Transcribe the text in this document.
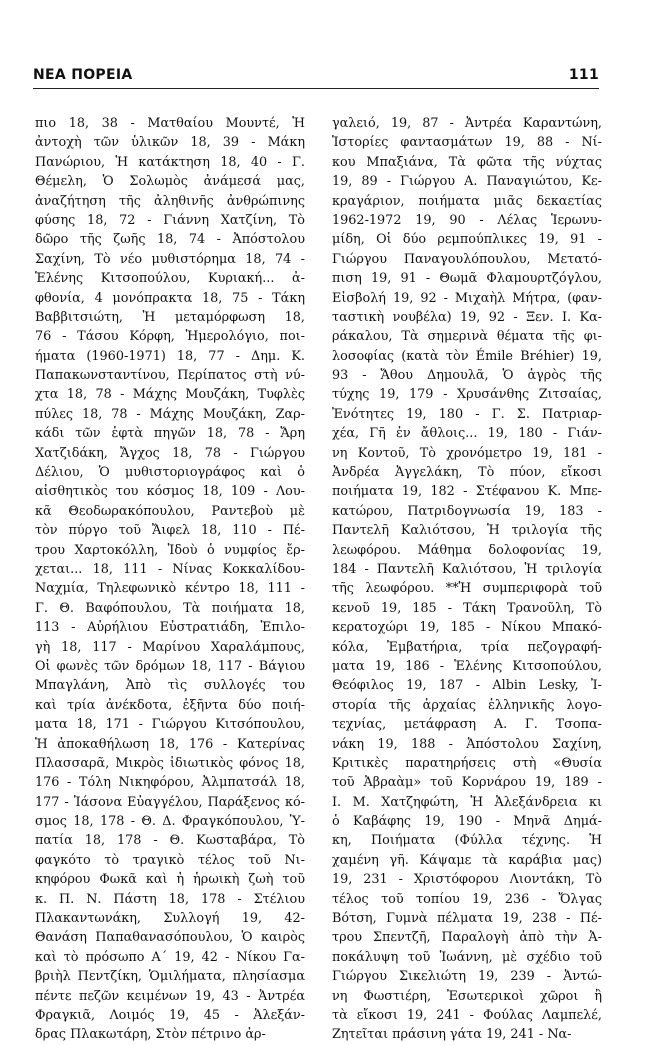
ΝΕΑ ΠΟΡΕΙΑ	111
πιο 18, 38 - Ματθαίου Μουντέ, Ἡ
ἀντοχὴ τῶν ὑλικῶν 18, 39 - Μάκη
Πανώριου, Ἡ κατάκτηση 18, 40 - Γ.
Θέμελη, Ὁ Σολωμὸς ἀνάμεσά μας,
ἀναζήτηση τῆς ἀληθινῆς ἀνθρώπινης
φύσης 18, 72 - Γιάννη Χατζίνη, Τὸ
δῶρο τῆς ζωῆς 18, 74 - Ἀπόστολου
Σαχίνη, Τὸ νέο μυθιστόρημα 18, 74 -
Ἑλένης Κιτσοπούλου, Κυριακή... ἀ-
φθονία, 4 μονόπρακτα 18, 75 - Τάκη
Βαββιτσιώτη, Ἡ μεταμόρφωση 18,
76 - Τάσου Κόρφη, Ἡμερολόγιο, ποι-
ήματα (1960-1971) 18, 77 - Δημ. Κ.
Παπακωνσταντίνου, Περίπατος στὴ νύ-
χτα 18, 78 - Μάχης Μουζάκη, Τυφλὲς
πύλες 18, 78 - Μάχης Μουζάκη, Ζαρ-
κάδι τῶν ἑφτὰ πηγῶν 18, 78 - Ἄρη
Χατζιδάκη, Ἄγχος 18, 78 - Γιώργου
Δέλιου, Ὁ μυθιστοριογράφος καὶ ὁ
αἰσθητικὸς του κόσμος 18, 109 - Λου-
κᾶ Θεοδωρακόπουλου, Ραντεβοὺ μὲ
τὸν πύργο τοῦ Ἄιφελ 18, 110 - Πέ-
τρου Χαρτοκόλλη, Ἰδοὺ ὁ νυμφίος ἔρ-
χεται... 18, 111 - Νίνας Κοκκαλίδου-
Ναχμία, Τηλεφωνικὸ κέντρο 18, 111 -
Γ. Θ. Βαφόπουλου, Τὰ ποιήματα 18,
113 - Αὐρήλιου Εὐστρατιάδη, Ἐπιλο-
γὴ 18, 117 - Μαρίνου Χαραλάμπους,
Οἱ φωνὲς τῶν δρόμων 18, 117 - Βάγιου
Μπαγλάνη, Ἀπὸ τὶς συλλογές του
καὶ τρία ἀνέκδοτα, ἐξῆντα δύο ποιή-
ματα 18, 171 - Γιώργου Κιτσόπουλου,
Ἡ ἀποκαθήλωση 18, 176 - Κατερίνας
Πλασσαρᾶ, Μικρὸς ἰδιωτικὸς φόνος 18,
176 - Τόλη Νικηφόρου, Ἀλμπατσάλ 18,
177 - Ἰάσονα Εὐαγγέλου, Παράξενος κό-
σμος 18, 178 - Θ. Δ. Φραγκόπουλου, Ὑ-
πατία 18, 178 - Θ. Κωσταβάρα, Τὸ
φαγκότο τὸ τραγικὸ τέλος τοῦ Νι-
κηφόρου Φωκᾶ καὶ ἡ ἡρωικὴ ζωὴ τοῦ
κ. Π. Ν. Πάστη 18, 178 - Στέλιου
Πλακαντωνάκη, Συλλογή 19, 42-
Θανάση Παπαθανασόπουλου, Ὁ καιρὸς
καὶ τὸ πρόσωπο Α΄ 19, 42 - Νίκου Γα-
βριὴλ Πεντζίκη, Ὁμιλήματα, πλησίασμα
πέντε πεζῶν κειμένων 19, 43 - Ἀντρέα
Φραγκιᾶ, Λοιμός 19, 45 - Ἀλεξάν-
δρας Πλακωτάρη, Στὸν πέτρινο ἀρ-
γαλειό, 19, 87 - Ἀντρέα Καραντώνη,
Ἱστορίες φαντασμάτων 19, 88 - Νί-
κου Μπαξιάνα, Τὰ φῶτα τῆς νύχτας
19, 89 - Γιώργου Α. Παναγιώτου, Κε-
κραγάριον, ποιήματα μιᾶς δεκαετίας
1962-1972 19, 90 - Λέλας Ἱερωνυ-
μίδη, Οἱ δύο ρεμπούπλικες 19, 91 -
Γιώργου Παναγουλόπουλου, Μετατό-
πιση 19, 91 - Θωμᾶ Φλαμουρτζόγλου,
Εἰσβολή 19, 92 - Μιχαὴλ Μήτρα, (φαν-
ταστικὴ νουβέλα) 19, 92 - Ξεν. Ι. Κα-
ράκαλου, Τὰ σημερινὰ θέματα τῆς φι-
λοσοφίας (κατὰ τὸν Émile Bréhier) 19,
93 - Ἄθου Δημουλᾶ, Ὁ ἀγρὸς τῆς
τύχης 19, 179 - Χρυσάνθης Ζιτσαίας,
Ἐνότητες 19, 180 - Γ. Σ. Πατριαρ-
χέα, Γῆ ἐν ἄθλοις... 19, 180 - Γιάν-
νη Κοντοῦ, Τὸ χρονόμετρο 19, 181 -
Ἀνδρέα Ἀγγελάκη, Τὸ πύον, εἴκοσι
ποιήματα 19, 182 - Στέφανου Κ. Μπε-
κατώρου, Πατριδογνωσία 19, 183 -
Παντελῆ Καλιότσου, Ἡ τριλογία τῆς
λεωφόρου. Μάθημα δολοφονίας 19,
184 - Παντελῆ Καλιότσου, Ἡ τριλογία
τῆς λεωφόρου. **Ἡ συμπεριφορὰ τοῦ
κενοῦ 19, 185 - Τάκη Τρανοῦλη, Τὸ
κερατοχώρι 19, 185 - Νίκου Μπακό-
κόλα, Ἐμβατήρια, τρία πεζογραφή-
ματα 19, 186 - Ἑλένης Κιτσοπούλου,
Θεόφιλος 19, 187 - Albin Lesky, Ἰ-
στορία τῆς ἀρχαίας ἑλληνικῆς λογο-
τεχνίας, μετάφραση Α. Γ. Τσοπα-
νάκη 19, 188 - Ἀπόστολου Σαχίνη,
Κριτικὲς παρατηρήσεις στὴ «Θυσία
τοῦ Ἀβραὰμ» τοῦ Κορνάρου 19, 189 -
Ι. Μ. Χατζηφώτη, Ἡ Ἀλεξάνδρεια κι
ὁ Καβάφης 19, 190 - Μηνᾶ Δημά-
κη, Ποιήματα (Φύλλα τέχνης. Ἡ
χαμένη γῆ. Κάψαμε τὰ καράβια μας)
19, 231 - Χριστόφορου Λιοντάκη, Τὸ
τέλος τοῦ τοπίου 19, 236 - Ὄλγας
Βότση, Γυμνὰ πέλματα 19, 238 - Πέ-
τρου Σπεντζῆ, Παραλογὴ ἀπὸ τὴν Ἀ-
ποκάλυψη τοῦ Ἰωάννη, μὲ σχέδιο τοῦ
Γιώργου Σικελιώτη 19, 239 - Ἀντώ-
νη Φωστιέρη, Ἐσωτερικοὶ χῶροι ἢ
τὰ εἴκοσι 19, 241 - Φούλας Λαμπελέ,
Ζητεῖται πράσινη γάτα 19, 241 - Να-
